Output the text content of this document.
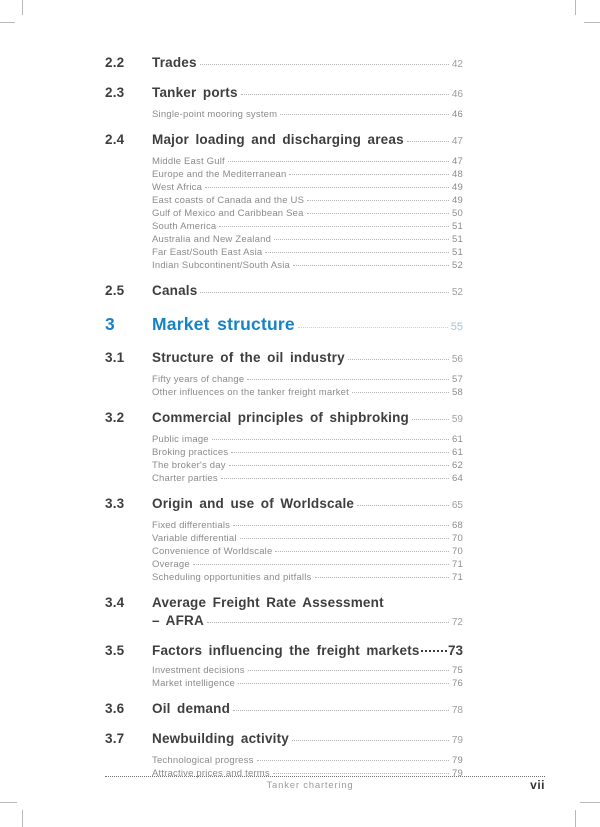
2.2	Trades	42
2.3	Tanker ports	46
Single-point mooring system	46
2.4	Major loading and discharging areas	47
Middle East Gulf	47
Europe and the Mediterranean	48
West Africa	49
East coasts of Canada and the US	49
Gulf of Mexico and Caribbean Sea	50
South America	51
Australia and New Zealand	51
Far East/South East Asia	51
Indian Subcontinent/South Asia	52
2.5	Canals	52
3	Market structure	55
3.1	Structure of the oil industry	56
Fifty years of change	57
Other influences on the tanker freight market	58
3.2	Commercial principles of shipbroking	59
Public image	61
Broking practices	61
The broker's day	62
Charter parties	64
3.3	Origin and use of Worldscale	65
Fixed differentials	68
Variable differential	70
Convenience of Worldscale	70
Overage	71
Scheduling opportunities and pitfalls	71
3.4	Average Freight Rate Assessment
– AFRA	72
3.5	Factors influencing the freight markets 73
Investment decisions	75
Market intelligence	76
3.6	Oil demand	78
3.7	Newbuilding activity	79
Technological progress	79
Attractive prices and terms	79
Tanker chartering	vii
